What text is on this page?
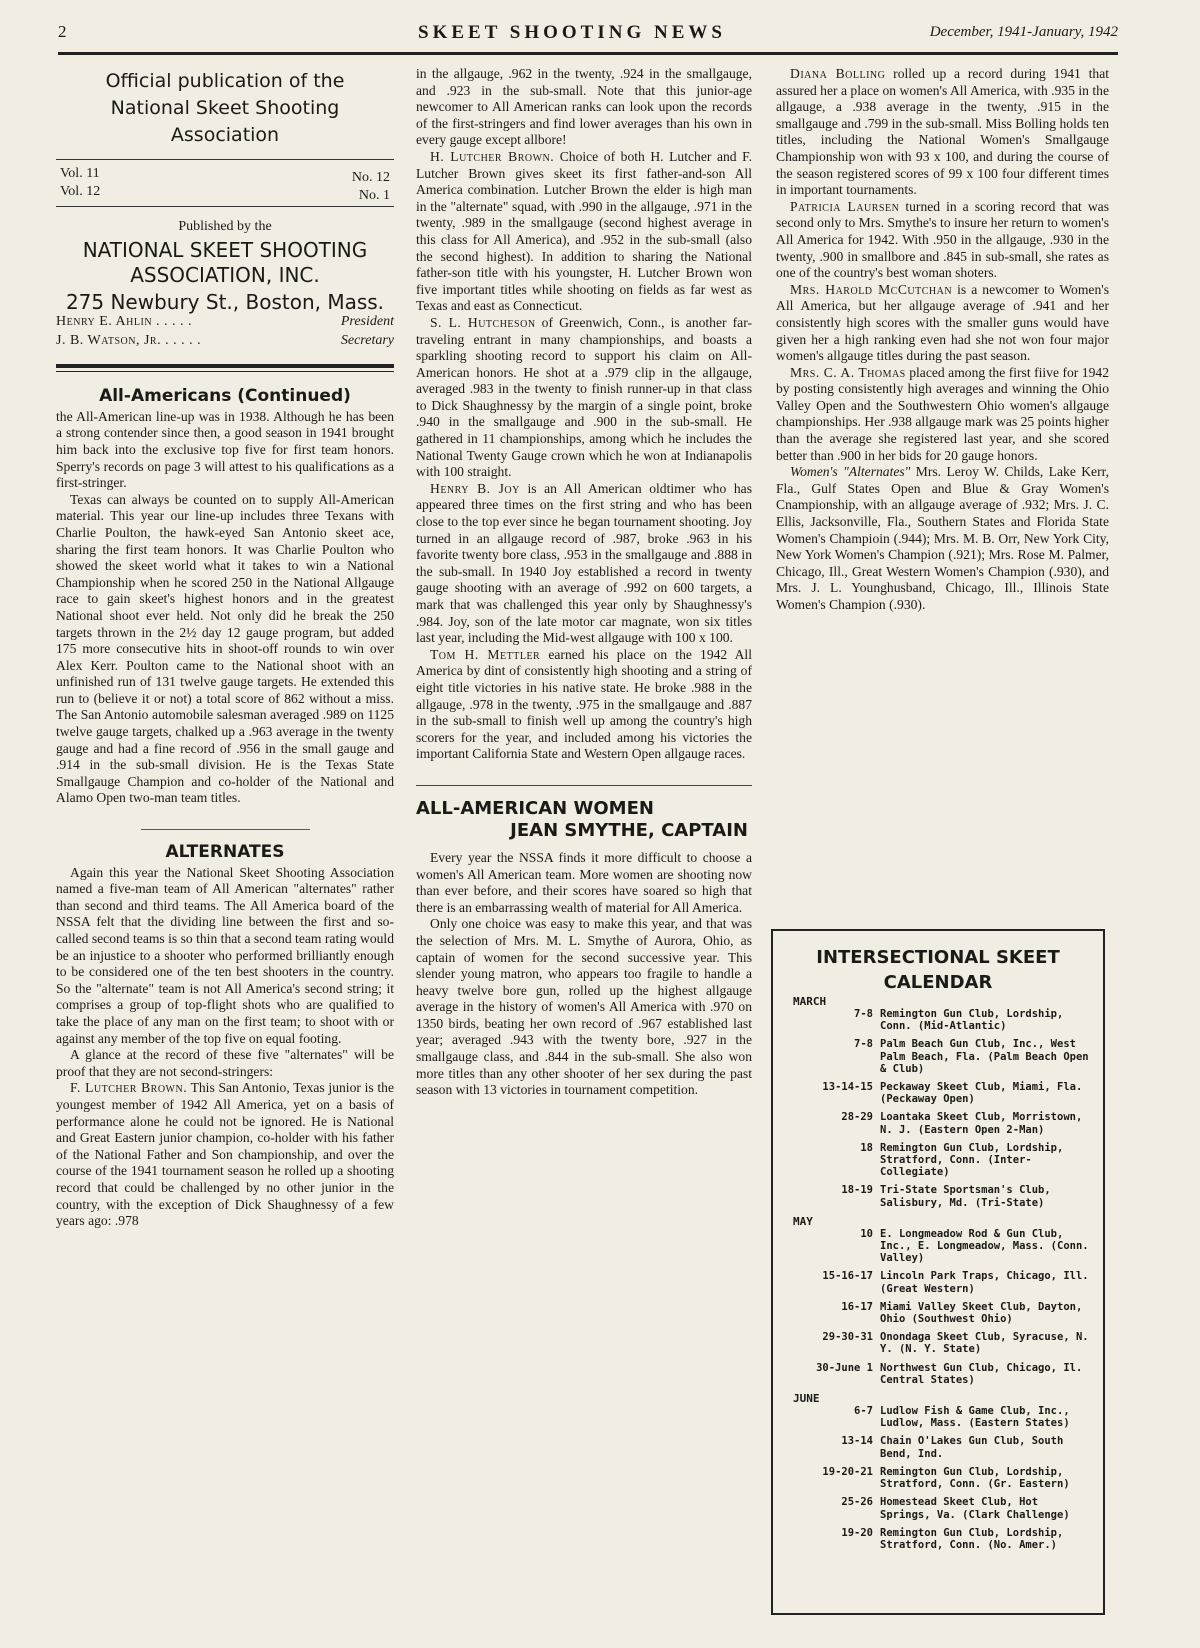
2	SKEET SHOOTING NEWS	December, 1941-January, 1942
Official publication of the
National Skeet Shooting Association
Vol. 11	No. 12
Vol. 12	No. 1
Published by the
NATIONAL SKEET SHOOTING
ASSOCIATION, INC.
275 Newbury St., Boston, Mass.
Henry E. Ahlin . . . . .	President
J. B. Watson, Jr. . . . . .	Secretary
All-Americans (Continued)

the All-American line-up was in 1938. Although he has been a strong contender since then, a good season in 1941 brought him back into the exclusive top five for first team honors. Sperry's records on page 3 will attest to his qualifications as a first-stringer.

Texas can always be counted on to supply All-American material. This year our line-up includes three Texans with Charlie Poulton, the hawk-eyed San Antonio skeet ace, sharing the first team honors. It was Charlie Poulton who showed the skeet world what it takes to win a National Championship when he scored 250 in the National Allgauge race to gain skeet's highest honors and in the greatest National shoot ever held. Not only did he break the 250 targets thrown in the 2½ day 12 gauge program, but added 175 more consecutive hits in shoot-off rounds to win over Alex Kerr. Poulton came to the National shoot with an unfinished run of 131 twelve gauge targets. He extended this run to (believe it or not) a total score of 862 without a miss. The San Antonio automobile salesman averaged .989 on 1125 twelve gauge targets, chalked up a .963 average in the twenty gauge and had a fine record of .956 in the small gauge and .914 in the sub-small division. He is the Texas State Smallgauge Champion and co-holder of the National and Alamo Open two-man team titles.

ALTERNATES

Again this year the National Skeet Shooting Association named a five-man team of All American "alternates" rather than second and third teams. The All America board of the NSSA felt that the dividing line between the first and so-called second teams is so thin that a second team rating would be an injustice to a shooter who performed brilliantly enough to be considered one of the ten best shooters in the country. So the "alternate" team is not All America's second string; it comprises a group of top-flight shots who are qualified to take the place of any man on the first team; to shoot with or against any member of the top five on equal footing.

A glance at the record of these five "alternates" will be proof that they are not second-stringers:

F. Lutcher Brown. This San Antonio, Texas junior is the youngest member of 1942 All America, yet on a basis of performance alone he could not be ignored. He is National and Great Eastern junior champion, co-holder with his father of the National Father and Son championship, and over the course of the 1941 tournament season he rolled up a shooting record that could be challenged by no other junior in the country, with the exception of Dick Shaughnessy of a few years ago: .978

in the allgauge, .962 in the twenty, .924 in the smallgauge, and .923 in the sub-small. Note that this junior-age newcomer to All American ranks can look upon the records of the first-stringers and find lower averages than his own in every gauge except allbore!

H. Lutcher Brown. Choice of both H. Lutcher and F. Lutcher Brown gives skeet its first father-and-son All America combination. Lutcher Brown the elder is high man in the "alternate" squad, with .990 in the allgauge, .971 in the twenty, .989 in the smallgauge (second highest average in this class for All America), and .952 in the sub-small (also the second highest). In addition to sharing the National father-son title with his youngster, H. Lutcher Brown won five important titles while shooting on fields as far west as Texas and east as Connecticut.

S. L. Hutcheson of Greenwich, Conn., is another far-traveling entrant in many championships, and boasts a sparkling shooting record to support his claim on All-American honors. He shot at a .979 clip in the allgauge, averaged .983 in the twenty to finish runner-up in that class to Dick Shaughnessy by the margin of a single point, broke .940 in the smallgauge and .900 in the sub-small. He gathered in 11 championships, among which he includes the National Twenty Gauge crown which he won at Indianapolis with 100 straight.

Henry B. Joy is an All American oldtimer who has appeared three times on the first string and who has been close to the top ever since he began tournament shooting. Joy turned in an allgauge record of .987, broke .963 in his favorite twenty bore class, .953 in the smallgauge and .888 in the sub-small. In 1940 Joy established a record in twenty gauge shooting with an average of .992 on 600 targets, a mark that was challenged this year only by Shaughnessy's .984. Joy, son of the late motor car magnate, won six titles last year, including the Mid-west allgauge with 100 x 100.

Tom H. Mettler earned his place on the 1942 All America by dint of consistently high shooting and a string of eight title victories in his native state. He broke .988 in the allgauge, .978 in the twenty, .975 in the smallgauge and .887 in the sub-small to finish well up among the country's high scorers for the year, and included among his victories the important California State and Western Open allgauge races.

ALL-AMERICAN WOMEN
JEAN SMYTHE, CAPTAIN

Every year the NSSA finds it more difficult to choose a women's All American team. More women are shooting now than ever before, and their scores have soared so high that there is an embarrassing wealth of material for All America.

Only one choice was easy to make this year, and that was the selection of Mrs. M. L. Smythe of Aurora, Ohio, as captain of women for the second successive year. This slender young matron, who appears too fragile to handle a heavy twelve bore gun, rolled up the highest allgauge average in the history of women's All America with .970 on 1350 birds, beating her own record of .967 established last year; averaged .943 with the twenty bore, .927 in the smallgauge class, and .844 in the sub-small. She also won more titles than any other shooter of her sex during the past season with 13 victories in tournament competition.

Diana Bolling rolled up a record during 1941 that assured her a place on women's All America, with .935 in the allgauge, a .938 average in the twenty, .915 in the smallgauge and .799 in the sub-small. Miss Bolling holds ten titles, including the National Women's Smallgauge Championship won with 93 x 100, and during the course of the season registered scores of 99 x 100 four different times in important tournaments.

Patricia Laursen turned in a scoring record that was second only to Mrs. Smythe's to insure her return to women's All America for 1942. With .950 in the allgauge, .930 in the twenty, .900 in smallbore and .845 in sub-small, she rates as one of the country's best woman shoters.

Mrs. Harold McCutchan is a newcomer to Women's All America, but her allgauge average of .941 and her consistently high scores with the smaller guns would have given her a high ranking even had she not won four major women's allgauge titles during the past season.

Mrs. C. A. Thomas placed among the first fiive for 1942 by posting consistently high averages and winning the Ohio Valley Open and the Southwestern Ohio women's allgauge championships. Her .938 allgauge mark was 25 points higher than the average she registered last year, and she scored better than .900 in her bids for 20 gauge honors.

Women's "Alternates" Mrs. Leroy W. Childs, Lake Kerr, Fla., Gulf States Open and Blue & Gray Women's Cnampionship, with an allgauge average of .932; Mrs. J. C. Ellis, Jacksonville, Fla., Southern States and Florida State Women's Champioin (.944); Mrs. M. B. Orr, New York City, New York Women's Champion (.921); Mrs. Rose M. Palmer, Chicago, Ill., Great Western Women's Champion (.930), and Mrs. J. L. Younghusband, Chicago, Ill., Illinois State Women's Champion (.930).

INTERSECTIONAL SKEET
CALENDAR
MARCH
7-8 Remington Gun Club, Lordship, Conn. (Mid-Atlantic)
7-8 Palm Beach Gun Club, Inc., West Palm Beach, Fla. (Palm Beach Open & Club)
13-14-15 Peckaway Skeet Club, Miami, Fla. (Peckaway Open)
28-29 Loantaka Skeet Club, Morristown, N. J. (Eastern Open 2-Man)
18 Remington Gun Club, Lordship, Stratford, Conn. (Inter-Collegiate)
18-19 Tri-State Sportsman's Club, Salisbury, Md. (Tri-State)
MAY
10 E. Longmeadow Rod & Gun Club, Inc., E. Longmeadow, Mass. (Conn. Valley)
15-16-17 Lincoln Park Traps, Chicago, Ill. (Great Western)
16-17 Miami Valley Skeet Club, Dayton, Ohio (Southwest Ohio)
29-30-31 Onondaga Skeet Club, Syracuse, N. Y. (N. Y. State)
30-June 1 Northwest Gun Club, Chicago, Il. Central States)
JUNE
6-7 Ludlow Fish & Game Club, Inc., Ludlow, Mass. (Eastern States)
13-14 Chain O'Lakes Gun Club, South Bend, Ind.
19-20-21 Remington Gun Club, Lordship, Stratford, Conn. (Gr. Eastern)
25-26 Homestead Skeet Club, Hot Springs, Va. (Clark Challenge)
19-20 Remington Gun Club, Lordship, Stratford, Conn. (No. Amer.)
